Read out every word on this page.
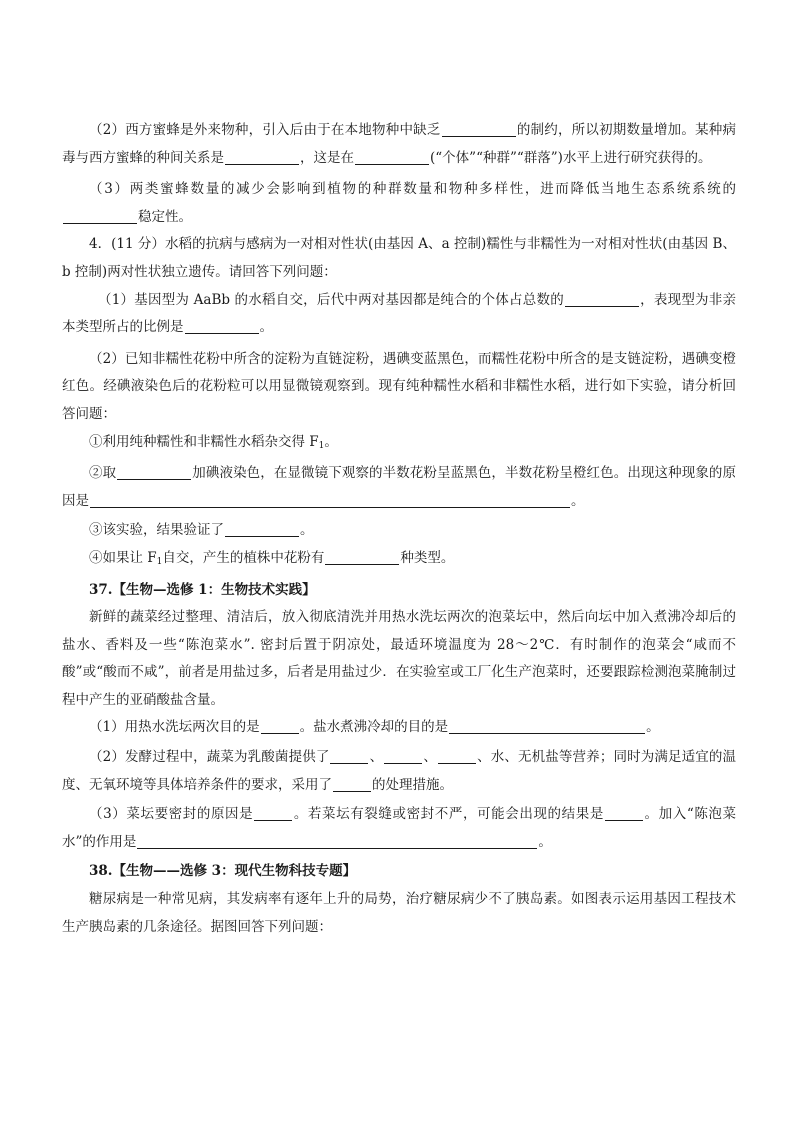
（2）西方蜜蜂是外来物种，引入后由于在本地物种中缺乏	的制约，所以初期数量增加。某种病毒与西方蜜蜂的种间关系是	，这是在	(“个体”“种群”“群落”)水平上进行研究获得的。

（3）两类蜜蜂数量的减少会影响到植物的种群数量和物种多样性，进而降低当地生态系统系统的稳定性。

4．(11 分）水稻的抗病与感病为一对相对性状(由基因 A、a 控制)糯性与非糯性为一对相对性状(由基因 B、b 控制)两对性状独立遗传。请回答下列问题：

（1）基因型为 AaBb 的水稻自交，后代中两对基因都是纯合的个体占总数的	，表现型为非亲本类型所占的比例是	。

（2）已知非糯性花粉中所含的淀粉为直链淀粉，遇碘变蓝黑色，而糯性花粉中所含的是支链淀粉，遇碘变橙红色。经碘液染色后的花粉粒可以用显微镜观察到。现有纯种糯性水稻和非糯性水稻，进行如下实验，请分析回答问题：

①利用纯种糯性和非糯性水稻杂交得 $F_1$。

②取	加碘液染色，在显微镜下观察的半数花粉呈蓝黑色，半数花粉呈橙红色。出现这种现象的原因是	。

③该实验，结果验证了	。

④如果让 $F_1$自交，产生的植株中花粉有	种类型。

37.【生物—选修 1：生物技术实践】

新鲜的蔬菜经过整理、清洁后，放入彻底清洗并用热水洗坛两次的泡菜坛中，然后向坛中加入煮沸冷却后的盐水、香料及一些“陈泡菜水”. 密封后置于阴凉处，最适环境温度为 28～2℃．有时制作的泡菜会“咸而不酸”或“酸而不咸”，前者是用盐过多，后者是用盐过少．在实验室或工厂化生产泡菜时，还要跟踪检测泡菜腌制过程中产生的亚硝酸盐含量。

（1）用热水洗坛两次目的是	。盐水煮沸冷却的目的是	。

（2）发酵过程中，蔬菜为乳酸菌提供了	、	、	、水、无机盐等营养；同时为满足适宜的温度、无氧环境等具体培养条件的要求，采用了	的处理措施。

（3）菜坛要密封的原因是	。若菜坛有裂缝或密封不严，可能会出现的结果是	。加入“陈泡菜水”的作用是	。

38.【生物——选修 3：现代生物科技专题】

糖尿病是一种常见病，其发病率有逐年上升的局势，治疗糖尿病少不了胰岛素。如图表示运用基因工程技术生产胰岛素的几条途径。据图回答下列问题：
